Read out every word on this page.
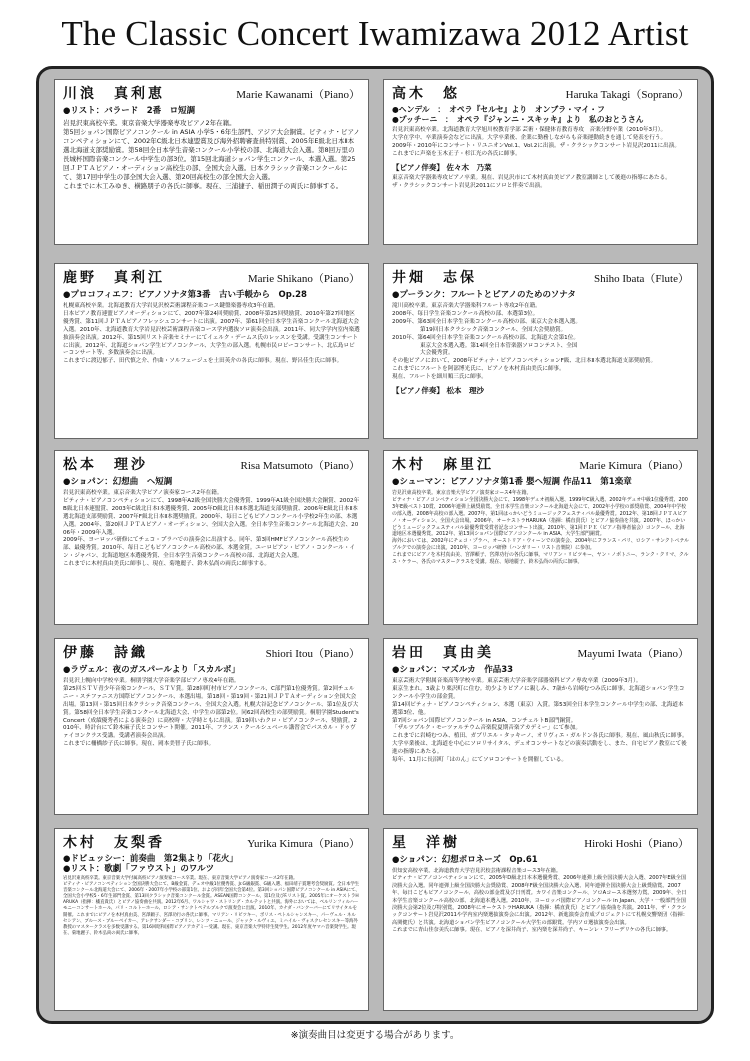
The Classic Concert Iwamizawa 2012 Artist
川浪　真利恵	Marie Kawanami（Piano）
●リスト：バラード　2番　ロ短調
岩見沢東高校卒業。東京音楽大学器楽専攻ピアノ2年在籍。
第5回ショパン国際ピアノコンクール in ASIA 小学5・6年生部門、アジア大会銅賞。ピティナ・ピアノコンペティションにて、2002年C級北日本連盟賞及び海外招聘審査員特別賞、2005年E級北日本Ⅱ本選北海道支部奨励賞。第58回全日本学生音楽コンクール小学校の部、北海道大会入選。第8回万里の長城杯国際音楽コンクール中学生の部3位。第15回北海道ショパン学生コンクール、本選入選。第25回ＪＰＴＡピアノ・オーディション高校生の部、全国大会入選。日本クラシック音楽コンクールにて、第17回中学生の部全国大会入選、第20回高校生の部全国大会入選。
これまでに木工みゆき、横路朋子の各氏に師事。現在、三浦捷子、稲田潤子の両氏に師事する。
高木　悠	Haruka Takagi（Soprano）
●ヘンデル　：　オペラ『セルセ』より　オンブラ・マイ・フ
●プッチーニ　：　オペラ『ジャンニ・スキッキ』より　私のおとうさん
岩見沢東高校卒業。北海道教育大学旭川校教育学部 芸術・保健体育教育専攻　音楽分野卒業（2010年3月）。
大学在学中、卒業演奏会などに出演。大学卒業後、企業に勤務しながらも音楽運動続きを通して発表を行う。
2009年・2010年にコンサート・リユニオンVol.1、Vol.2に出演。ザ・クラシックコンサート岩見沢2011に出演。
これまでに声楽を玉木正子・杉江光の各氏に師事。
【ピアノ伴奏】 佐々木　乃菜
東京音楽大学器楽専攻ピアノ卒業。現在、岩見沢市にて木村真由美ピアノ教室講師として後進の指導にあたる。
ザ・クラシックコンサート岩見沢2011にソロと伴奏で出演。
鹿野　真利江	Marie Shikano（Piano）
●プロコフィエフ：ピアノソナタ第3番　古い手帳から　Op.28
札幌東高校卒業。北海道教育大学岩見沢校芸術課程音楽コース鍵盤楽器専攻3年在籍。
日本ピアノ教育連盟ピアノオーディションにて、2007年第24回奨励賞、2008年第25回奨励賞、2010年第27回地区優秀賞、第11回ＪＰＴＡピアノフレッシュコンサートに出演。2007年、第61回全日本学生音楽コンクール北海道大会入選。2010年、北海道教育大学岩見沢校芸術課程音楽コース学内選抜ソロ演奏会出演。2011年、同大学学内室内楽選抜演奏会出演。2012年、第15回リスト音楽セミナーにてイェルク・デームス氏のレッスンを受講。受講生コンサートに出演。2012年、北海道ショパン学生ピアノコンクール、大学生の部入選。札幌市民ロビーコンサート、北広島ロビーコンサート等、多数演奏会に出演。
これまでに渡辺郁子、田代慎之介、作曲・ソルフェージュを土田英介の各氏に師事。現在、野呂佳生氏に師事。
井畑　志保	Shiho Ibata（Flute）
●プーランク：フルートとピアノのためのソナタ
滝川高校卒業。東京音楽大学器楽科フルート専攻2年在籍。
2008年、毎日学生音楽コンクール高校の部、本選第3位。
2009年、第63回全日本学生音楽コンクール高校の部、東京大会本選入選。
　　　　　第19回日本クラシック音楽コンクール、全国大会奨励賞。
2010年、第64回全日本学生音楽コンクール高校の部、北海道大会第1位。
　　　　　東京大会本選入選。第14回全日本管楽器ソロコンテスト、全国
　　　　　大会優秀賞。
その他ピアノにおいて、2008年ピティナ・ピアノコンペティションF級、北日本Ⅱ本選北海道支部奨励賞。
これまでにフルートを阿部博光氏に、ピアノを木村真由美氏に師事。
現在、フルートを細川順三氏に師事。
【ピアノ伴奏】 松本　理沙
松本　理沙	Risa Matsumoto（Piano）
●ショパン：幻想曲　ヘ短調
岩見沢東高校卒業。東京音楽大学ピアノ演奏家コース2年在籍。
ピティナ・ピアノコンペティションにて、1998年A2級全国決勝大会優秀賞、1999年A1級全国決勝大会銅賞、2002年B級北日本連盟賞、2003年C級北日本Ⅰ本選優秀賞、2005年D級北日本Ⅱ本選北海道支部奨励賞、2006年E級北日本Ⅱ本選北海道支部奨励賞、2007年F級北日本Ⅱ本選奨励賞。2000年、毎日こどもピアノコンクール小学校2年生の部、本選入選。2004年、第20回ＪＰＴＡピアノ・オーディション、全国大会入選。全日本学生音楽コンクール北海道大会、2006年・2009年入選。
2009年、ヨーロッパ研修にてチェコ・プラハでの演奏会に出演する。同年、第3回HMFピアノコンクール高校生の部、最優秀賞。2010年、毎日こどもピアノコンクール高校の部、本選金賞。ユーロピアン・ピアノ・コンクール・イン・ジャパン、北海道地区本選優秀賞、全日本学生音楽コンクール高校の部、北海道大会入選。
これまでに木村真由美氏に師事し、現在、菊地麗子、鈴木弘尚の両氏に師事する。
木村　麻里江	Marie Kimura（Piano）
●シューマン：ピアノソナタ第1番 嬰ヘ短調 作品11　第1楽章
岩見沢東高校卒業。東京音楽大学ピアノ演奏家コース4年在籍。
ピティナ・ピアノコンペティション全国決勝大会にて、1998年デュオ初級入選、1999年C級入選、2002年デュオ中級1位優秀賞、2003年E級ベスト10賞、2006年連弾上級奨励賞。全日本学生音楽コンクール北海道大会にて、2002年小学校の部奨励賞、2004年中学校の部入選、2008年高校の部入選。2007年、第1回はっかいどうミュージックフェスティバル最優秀賞。2012年、第18回ＪＰＴＡピアノ・オーディション、全国大会出場。2006年、オーケストラHARUKA（指揮：橘直貴氏）とピアノ協奏曲を共演。2007年、ほっかいどうミュージックフェスティバル最優秀賞受賞者記念コンサート出演。2010年、第1回ＦＰＥ（ピアノ指導者協会）コンクール、北海道地区本選優秀賞。2012年、第13回ショパン国際ピアノコンクール in ASIA、大学生部門銅賞。
海外においては、2002年にチェコ・プラハ、オーストリア・ウィーンでの演奏会、2004年にフランス・パリ、ロシア・サンクトペテルブルクでの演奏会に出演。2010年、ヨーロッパ研修（ハンガリー・リスト音楽院）に参加。
これまでにピアノを木村真由美、宮澤頼子、宮澤功行の各氏に師事。マリアン・リビツキー、ヤン・ノボトニー、ランク・クリマ、クルス・ケラー、各氏のマスタークラスを受講。現在、菊地麗子、鈴木弘尚の両氏に師事。
伊藤　詩織	Shiori Itou（Piano）
●ラヴェル：夜のガスパールより「スカルボ」
岩見沢上幌向中学校卒業。桐朋学園大学音楽学部ピアノ専攻4年在籍。
第25回ＳＴＶ青少年音楽コンクール、ＳＴＶ賞。第28回町村市ピアノコンクール、C部門第1位優秀賞。第2回チェルニー・ステファニス方国際ピアノコンクール、本選出場。第18回・第19回・第21回ＪＰＴＡオーディション全国大会出場。第13回・第15回日本クラシック音楽コンクール、全国大会入選。札幌大谷記念ピアノコンクール、第1位及び大賞。第58回全日本学生音楽コンクール北海道大会、中学生の部第2位。同62回高校生の部奨励賞。桐朋学園Student's Concert（成績優秀者による演奏会）に高校時・大学時ともに出演。第19回いわクロ・ピアノコンクール、奨励賞。2010年、時計台にて鈴木麻子氏とコンサート開催。2011年、フランス・クールシュベール講習会でパスカル・ドゥヴァイヨンクラス受講。受講者演奏会出演。
これまでに柵橋紗子氏に師事。現在、岡本美智子氏に師事。
岩田　真由美	Mayumi Iwata（Piano）
●ショパン：マズルカ　作品33
東京芸術大学附属音楽高等学校卒業。東京芸術大学音楽学部器楽科ピアノ専攻卒業（2009年3月）。
東京生まれ。3歳より栗沢町に住む。幼少よりピアノに親しみ、7歳から岩崎むつみ氏に師事。北海道ショパン学生コンクール小学生の部金賞。
第14回ピティナ・ピアノコンペティション、本選（東京）入賞。第53回全日本学生コンクール中学生の部、北海道本選第3位、他。
第7回ショパン国際ピアノコンクール in ASIA、コンチェルトB部門銅賞。
「ザルツブルク・モーツァルテウム音楽院夏期音楽アカデミー」にて参加。
これまでに岩崎むつみ、植田、ガブリエル・タッキーノ、オリヴィエ・ガルドン各氏に師事。現在、風山秋氏に師事。
大学卒業後は、北海道を中心にソロリサイタル、デュオコンサートなどの演奏活動をし、また、自宅ピアノ教室にて後進の指導にあたる。
毎年、11月に長沼町「はのん」にてソロコンサートを開催している。
木村　友梨香	Yurika Kimura（Piano）
●ドビュッシー：前奏曲　第2集より「花火」
●リスト：歌劇「ファウスト」のワルツ
岩見沢東高校卒業。東京音楽大学付属高校ピアノ演奏家コース卒業。現在、東京音楽大学ピアノ演奏家コース2年在籍。
ピティナ・ピアノコンペティション全国決勝大会にて、B級金賞、デュオ中級1位優秀賞、Jr.G級銀賞、G級入選、福田靖子賞選考会奨励賞。全日本学生音楽コンクール北海道大会にて、2006年・2007年小学校の部第1位、および同年全国大会第4位。第3回ショパン国際ピアノコンクール in ASIAにて、全国大会小学校5・6年生部門金賞、第13回クラシック音楽コンクール金賞。ASEAN国際コンクール、第1位及びF.リスト賞。2005年にオーケストラHARUKA（指揮：橘直貴氏）とピアノ協奏曲を共演。2012年6月、ワルシャワ・ストリング・カルテットと共演。海外においては、ベルリンフィルハーモニーコンサートホール、パリ・コルトーホール、ロシア・サンクトペテルブルクで演奏会に出演。2010年、カナダ・バンクーバーにてリサイタルを開催。これまでにピアノを木村真由美、宮澤頼子、宮澤功行の各氏に師事。マリアン・リビツキー、ボリス・ペトルシャンスキー、パーヴェル・ネルセシアン、ブルース・ブルーベイカー、アレクサンダー・コブリン、レンツ・ニュール、ジャック・ルヴィエ、ミハイル・ヴォスクレセンスキー等海外教授のマスタークラスを多数受講する。第16回昭和国際ピアノアカデミー受講。現在、東京音楽大学特待生奨学生。2012年度ヤマハ音楽奨学生。現在、菊地麗子、鈴木弘尚の両氏に師事。
星　洋樹	Hiroki Hoshi（Piano）
●ショパン：幻想ポロネーズ　Op.61
倶知安高校卒業。北海道教育大学岩見沢校芸術課程音楽コース3年在籍。
ピティナ・ピアノコンペティションにて、2005年D級北日本本選優秀賞、2006年連弾上級全国決勝大会入選、2007年E級全国決勝大会入選。同年連弾上級全国決勝大会奨励賞、2008年F級全国決勝大会入選、同年連弾全国決勝大会上級奨励賞。2007年、毎日こどもピアノコンクール、高校の部金賞及び日刊賞。カワイ音楽コンクール、ソロAコース本選努力賞。2009年、全日本学生音楽コンクール高校の部、北海道本選入選。2010年、ヨーロッパ国際ピアノコンクール in Japan、大学・一般部門全国決勝大会第2位及び特別賞。2008年にオーケストラHARUKA（指揮：橘直貴氏）とピアノ協奏曲を共演。2011年、ザ・クラシックコンサート岩見沢2011や学内室内楽選抜演奏会に出演。2012年、新進演奏会育成プロジェクトにて札幌交響楽団（指揮：高関健氏）と共演。北海道ショパン学生ピアノコンクール大学生の部銀賞。学内ソロ選抜演奏会出演。
これまでに青山佳奈美氏に師事。現在、ピアノを深井尚子、室内楽を深井尚子、キーンレ・フリーデリケの各氏に師事。
※演奏曲目は変更する場合があります。
